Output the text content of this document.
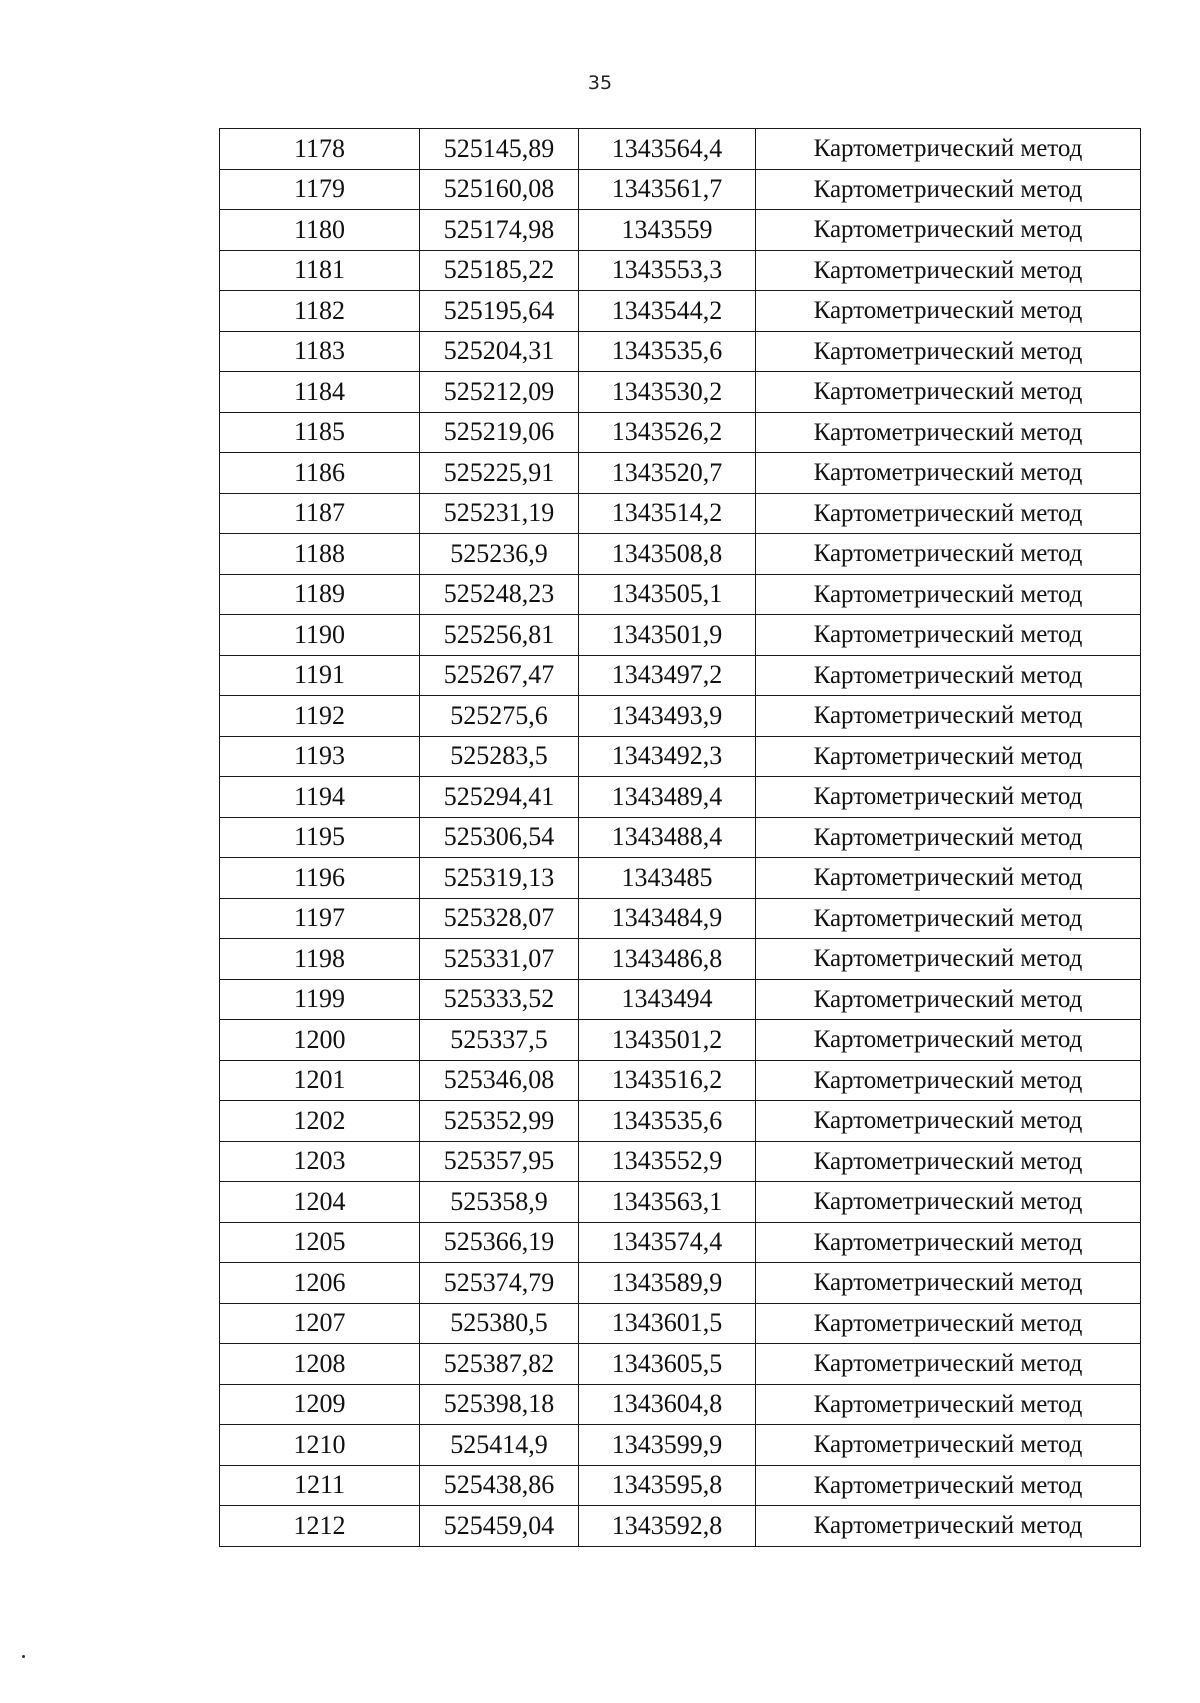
35
1178	525145,89	1343564,4	Картометрический метод
1179	525160,08	1343561,7	Картометрический метод
1180	525174,98	1343559	Картометрический метод
1181	525185,22	1343553,3	Картометрический метод
1182	525195,64	1343544,2	Картометрический метод
1183	525204,31	1343535,6	Картометрический метод
1184	525212,09	1343530,2	Картометрический метод
1185	525219,06	1343526,2	Картометрический метод
1186	525225,91	1343520,7	Картометрический метод
1187	525231,19	1343514,2	Картометрический метод
1188	525236,9	1343508,8	Картометрический метод
1189	525248,23	1343505,1	Картометрический метод
1190	525256,81	1343501,9	Картометрический метод
1191	525267,47	1343497,2	Картометрический метод
1192	525275,6	1343493,9	Картометрический метод
1193	525283,5	1343492,3	Картометрический метод
1194	525294,41	1343489,4	Картометрический метод
1195	525306,54	1343488,4	Картометрический метод
1196	525319,13	1343485	Картометрический метод
1197	525328,07	1343484,9	Картометрический метод
1198	525331,07	1343486,8	Картометрический метод
1199	525333,52	1343494	Картометрический метод
1200	525337,5	1343501,2	Картометрический метод
1201	525346,08	1343516,2	Картометрический метод
1202	525352,99	1343535,6	Картометрический метод
1203	525357,95	1343552,9	Картометрический метод
1204	525358,9	1343563,1	Картометрический метод
1205	525366,19	1343574,4	Картометрический метод
1206	525374,79	1343589,9	Картометрический метод
1207	525380,5	1343601,5	Картометрический метод
1208	525387,82	1343605,5	Картометрический метод
1209	525398,18	1343604,8	Картометрический метод
1210	525414,9	1343599,9	Картометрический метод
1211	525438,86	1343595,8	Картометрический метод
1212	525459,04	1343592,8	Картометрический метод
